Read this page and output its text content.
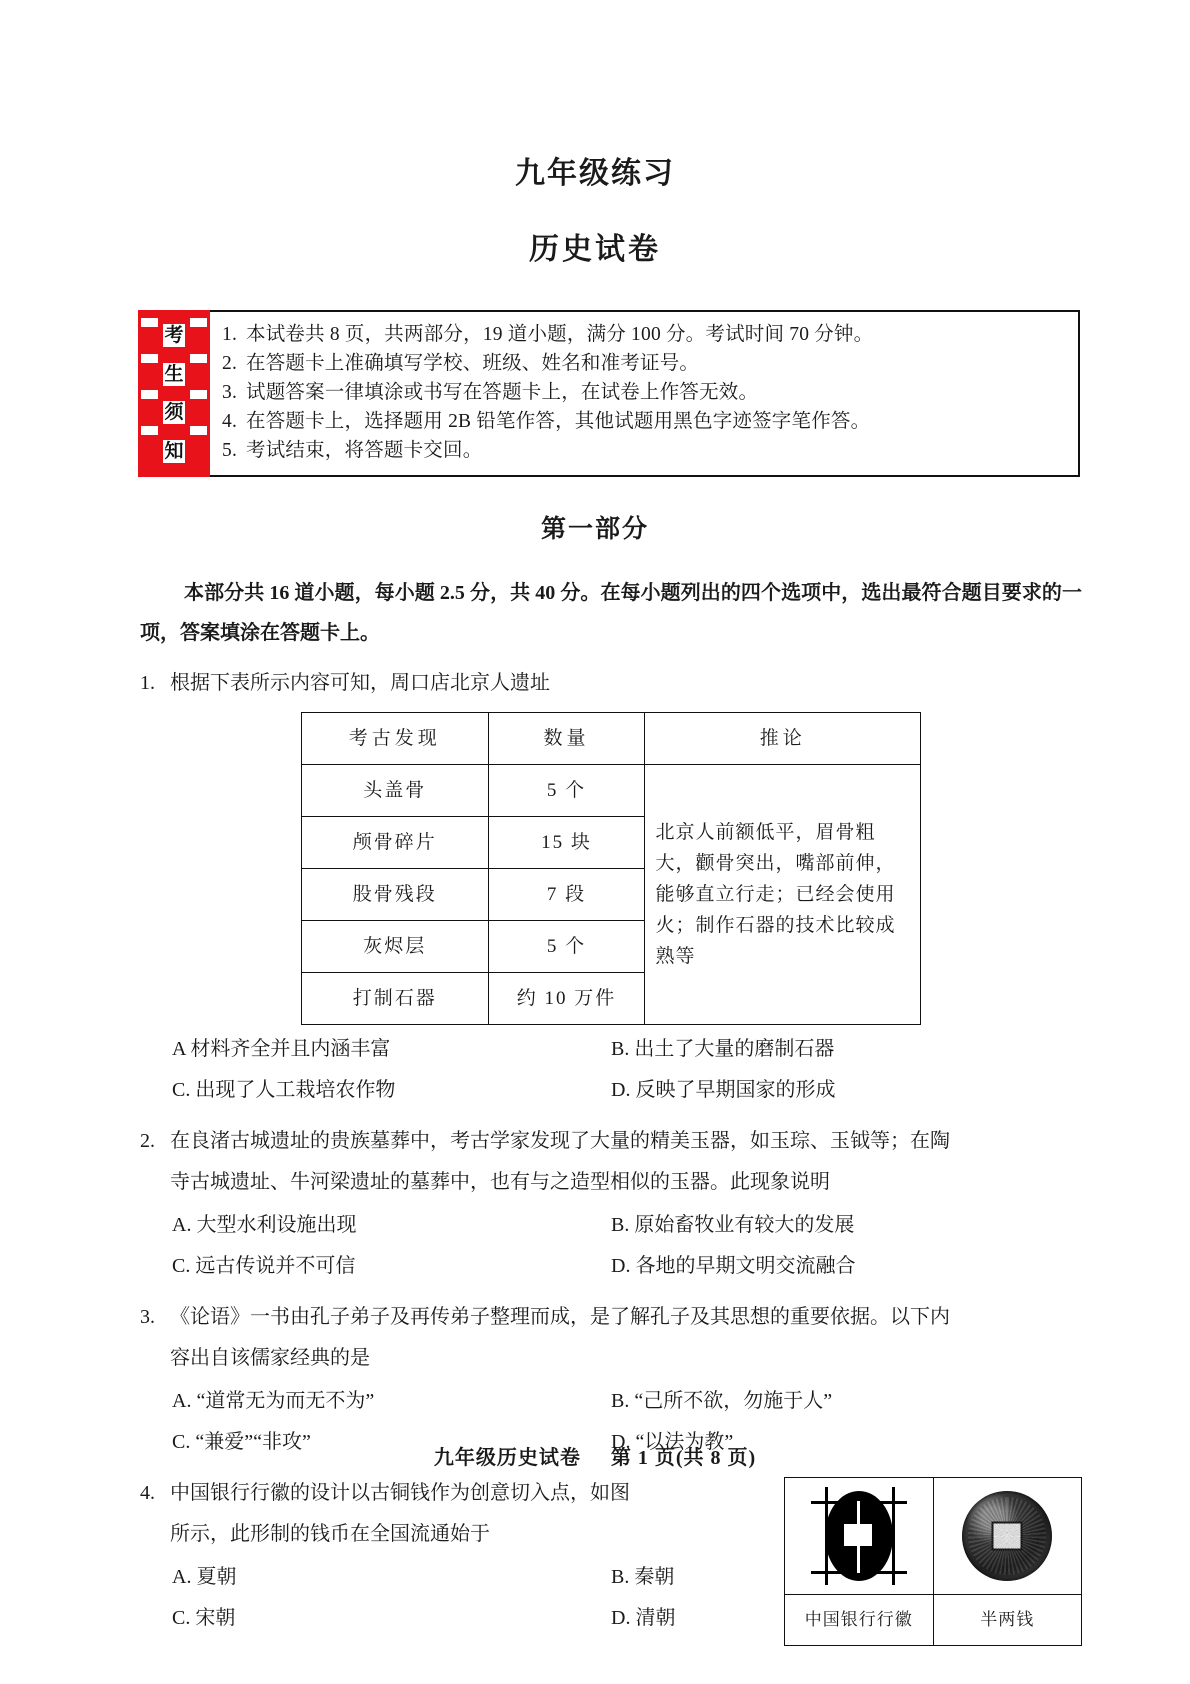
九年级练习
历史试卷
考
生
须
知
1. 本试卷共 8 页，共两部分，19 道小题，满分 100 分。考试时间 70 分钟。
2. 在答题卡上准确填写学校、班级、姓名和准考证号。
3. 试题答案一律填涂或书写在答题卡上，在试卷上作答无效。
4. 在答题卡上，选择题用 2B 铅笔作答，其他试题用黑色字迹签字笔作答。
5. 考试结束，将答题卡交回。
第一部分
本部分共 16 道小题，每小题 2.5 分，共 40 分。在每小题列出的四个选项中，选出最符合题目要求的一项，答案填涂在答题卡上。
1. 根据下表所示内容可知，周口店北京人遗址
考古发现	数量	推论
头盖骨	5 个	北京人前额低平，眉骨粗大，颧骨突出，嘴部前伸，能够直立行走；已经会使用火；制作石器的技术比较成熟等
颅骨碎片	15 块	
股骨残段	7 段	
灰烬层	5 个	
打制石器	约 10 万件	
A 材料齐全并且内涵丰富	B. 出土了大量的磨制石器
C. 出现了人工栽培农作物	D. 反映了早期国家的形成
2. 在良渚古城遗址的贵族墓葬中，考古学家发现了大量的精美玉器，如玉琮、玉钺等；在陶
寺古城遗址、牛河梁遗址的墓葬中，也有与之造型相似的玉器。此现象说明
A. 大型水利设施出现	B. 原始畜牧业有较大的发展
C. 远古传说并不可信	D. 各地的早期文明交流融合
3. 《论语》一书由孔子弟子及再传弟子整理而成，是了解孔子及其思想的重要依据。以下内
容出自该儒家经典的是
A. “道常无为而无不为”	B. “己所不欲，勿施于人”
C. “兼爱”“非攻”	D. “以法为教”
中国银行行徽	半两钱
4. 中国银行行徽的设计以古铜钱作为创意切入点，如图
所示，此形制的钱币在全国流通始于
A. 夏朝	B. 秦朝
C. 宋朝	D. 清朝
九年级历史试卷 第 1 页(共 8 页)
